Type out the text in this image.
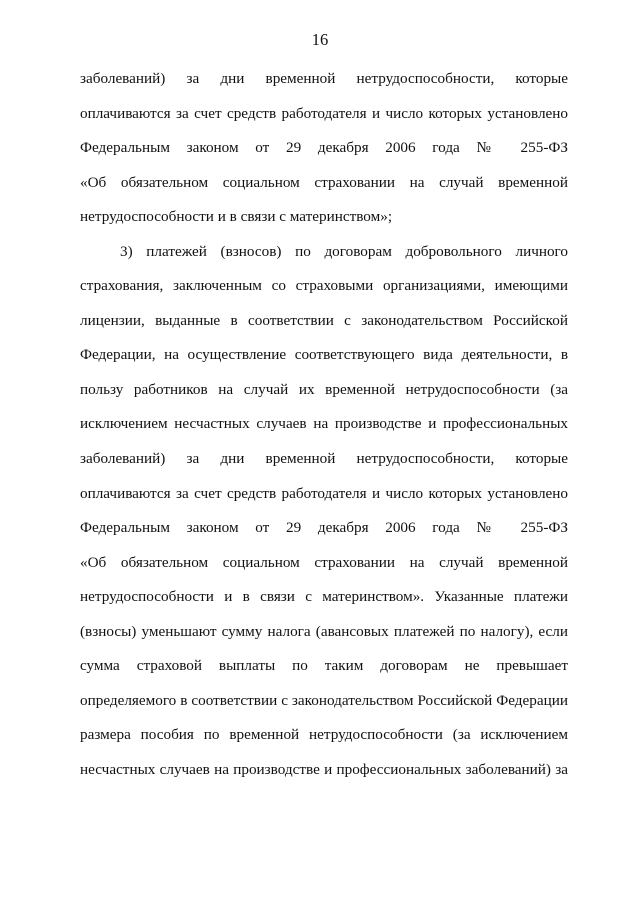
16
заболеваний) за дни временной нетрудоспособности, которые
оплачиваются за счет средств работодателя и число которых установлено
Федеральным законом от 29 декабря 2006 года № 255-ФЗ
«Об обязательном социальном страховании на случай временной
нетрудоспособности и в связи с материнством»;
3) платежей (взносов) по договорам добровольного личного
страхования, заключенным со страховыми организациями, имеющими
лицензии, выданные в соответствии с законодательством Российской
Федерации, на осуществление соответствующего вида деятельности, в
пользу работников на случай их временной нетрудоспособности (за
исключением несчастных случаев на производстве и профессиональных
заболеваний) за дни временной нетрудоспособности, которые
оплачиваются за счет средств работодателя и число которых установлено
Федеральным законом от 29 декабря 2006 года № 255-ФЗ
«Об обязательном социальном страховании на случай временной
нетрудоспособности и в связи с материнством». Указанные платежи
(взносы) уменьшают сумму налога (авансовых платежей по налогу), если
сумма страховой выплаты по таким договорам не превышает
определяемого в соответствии с законодательством Российской Федерации
размера пособия по временной нетрудоспособности (за исключением
несчастных случаев на производстве и профессиональных заболеваний) за
